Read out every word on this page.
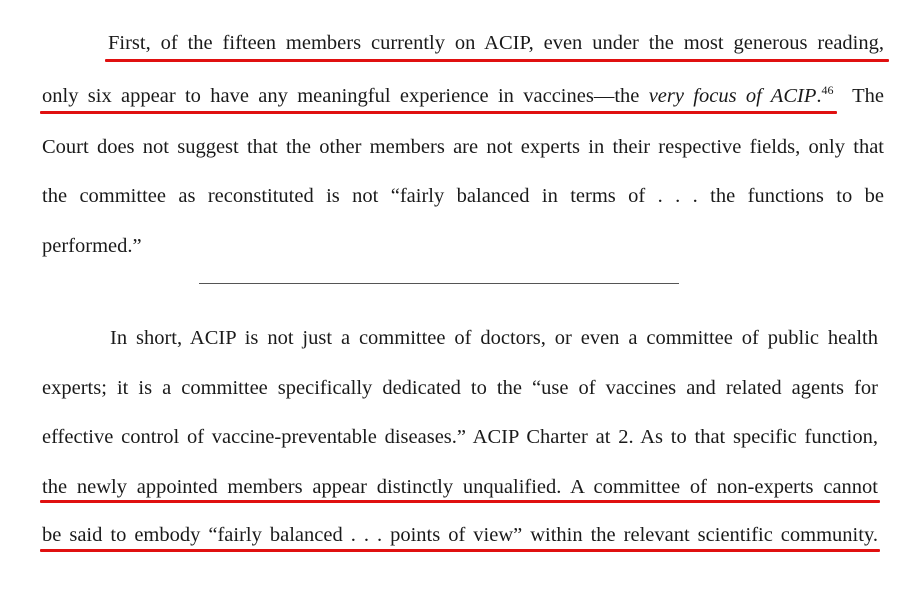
First, of the fifteen members currently on ACIP, even under the most generous reading,
only six appear to have any meaningful experience in vaccines—the very focus of ACIP.$^{46}$ The
Court does not suggest that the other members are not experts in their respective fields, only that
the committee as reconstituted is not “fairly balanced in terms of . . . the functions to be
performed.”
In short, ACIP is not just a committee of doctors, or even a committee of public health
experts; it is a committee specifically dedicated to the “use of vaccines and related agents for
effective control of vaccine-preventable diseases.” ACIP Charter at 2. As to that specific function,
the newly appointed members appear distinctly unqualified. A committee of non-experts cannot
be said to embody “fairly balanced . . . points of view” within the relevant scientific community.
